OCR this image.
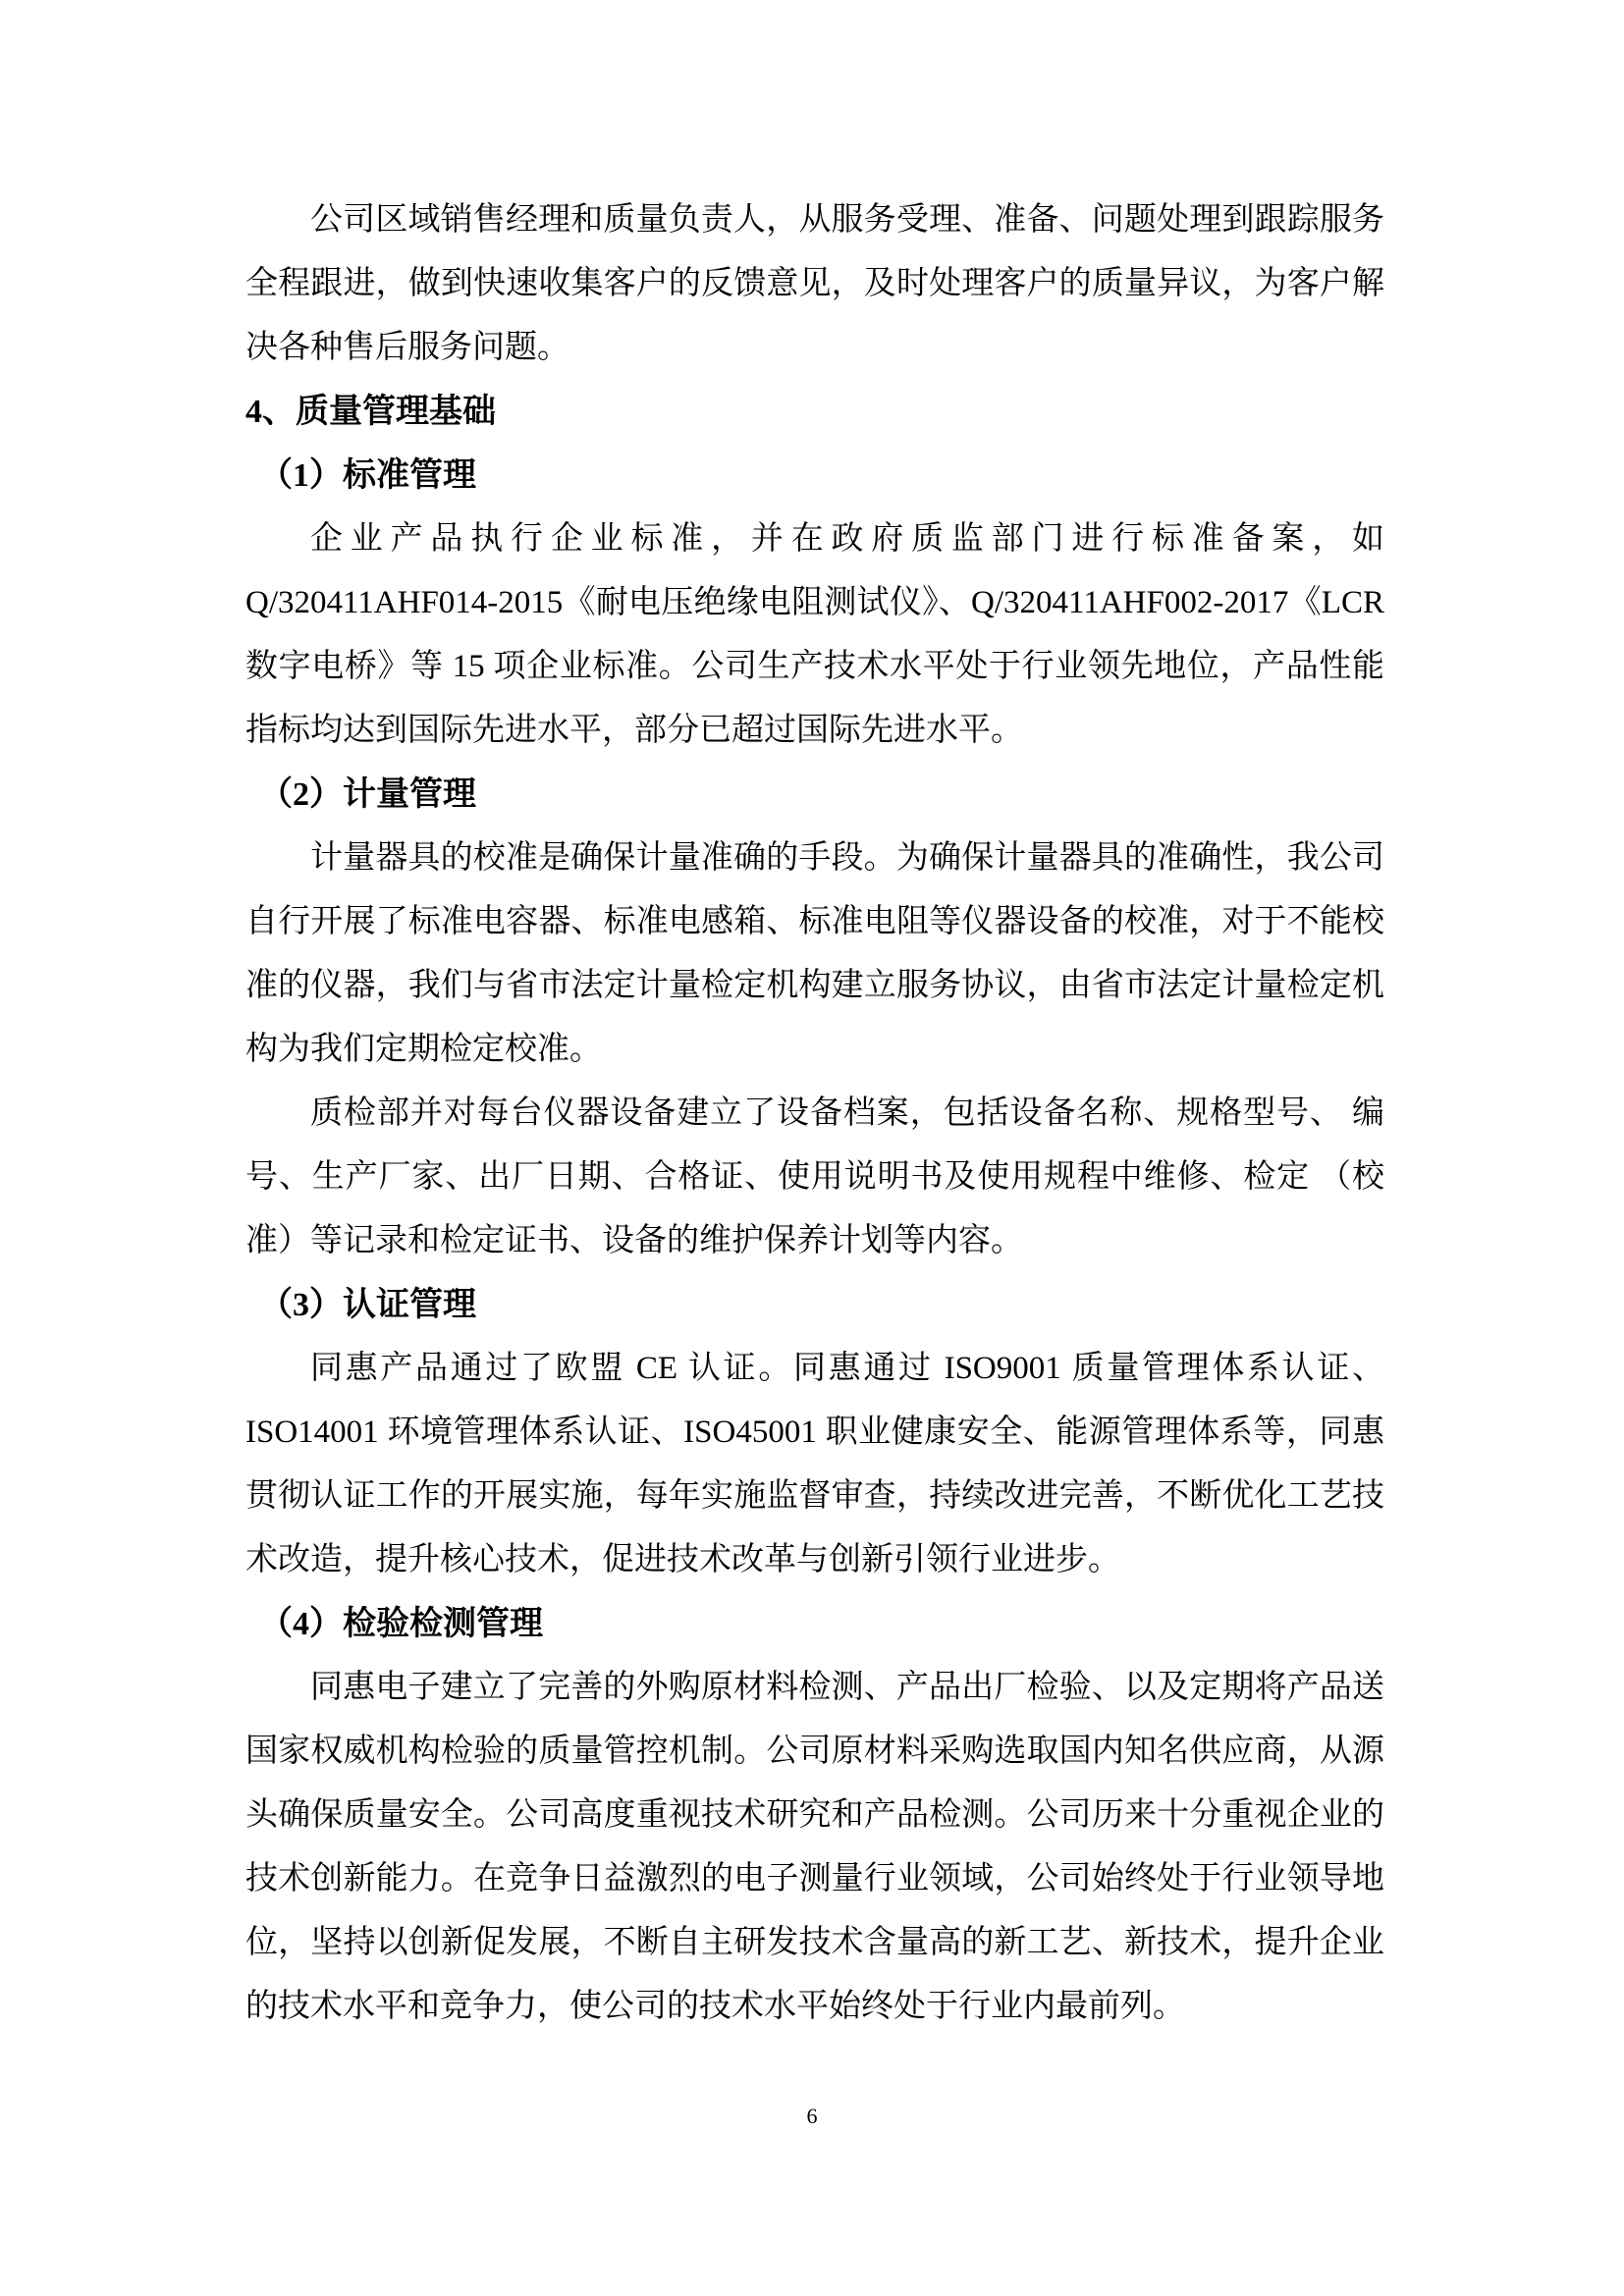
公司区域销售经理和质量负责人，从服务受理、准备、问题处理到跟踪服务全程跟进，做到快速收集客户的反馈意见，及时处理客户的质量异议，为客户解决各种售后服务问题。

4、质量管理基础

（1）标准管理

企业产品执行企业标准，并在政府质监部门进行标准备案，如Q/320411AHF014-2015《耐电压绝缘电阻测试仪》、Q/320411AHF002-2017《LCR数字电桥》等 15 项企业标准。公司生产技术水平处于行业领先地位，产品性能指标均达到国际先进水平，部分已超过国际先进水平。

（2）计量管理

计量器具的校准是确保计量准确的手段。为确保计量器具的准确性，我公司自行开展了标准电容器、标准电感箱、标准电阻等仪器设备的校准，对于不能校准的仪器，我们与省市法定计量检定机构建立服务协议，由省市法定计量检定机构为我们定期检定校准。

质检部并对每台仪器设备建立了设备档案，包括设备名称、规格型号、 编号、生产厂家、出厂日期、合格证、使用说明书及使用规程中维修、检定 （校准）等记录和检定证书、设备的维护保养计划等内容。

（3）认证管理

同惠产品通过了欧盟 CE 认证。同惠通过 ISO9001 质量管理体系认证、ISO14001 环境管理体系认证、ISO45001 职业健康安全、能源管理体系等，同惠贯彻认证工作的开展实施，每年实施监督审查，持续改进完善，不断优化工艺技术改造，提升核心技术，促进技术改革与创新引领行业进步。

（4）检验检测管理

同惠电子建立了完善的外购原材料检测、产品出厂检验、以及定期将产品送国家权威机构检验的质量管控机制。公司原材料采购选取国内知名供应商，从源头确保质量安全。公司高度重视技术研究和产品检测。公司历来十分重视企业的技术创新能力。在竞争日益激烈的电子测量行业领域，公司始终处于行业领导地位，坚持以创新促发展，不断自主研发技术含量高的新工艺、新技术，提升企业的技术水平和竞争力，使公司的技术水平始终处于行业内最前列。

6
